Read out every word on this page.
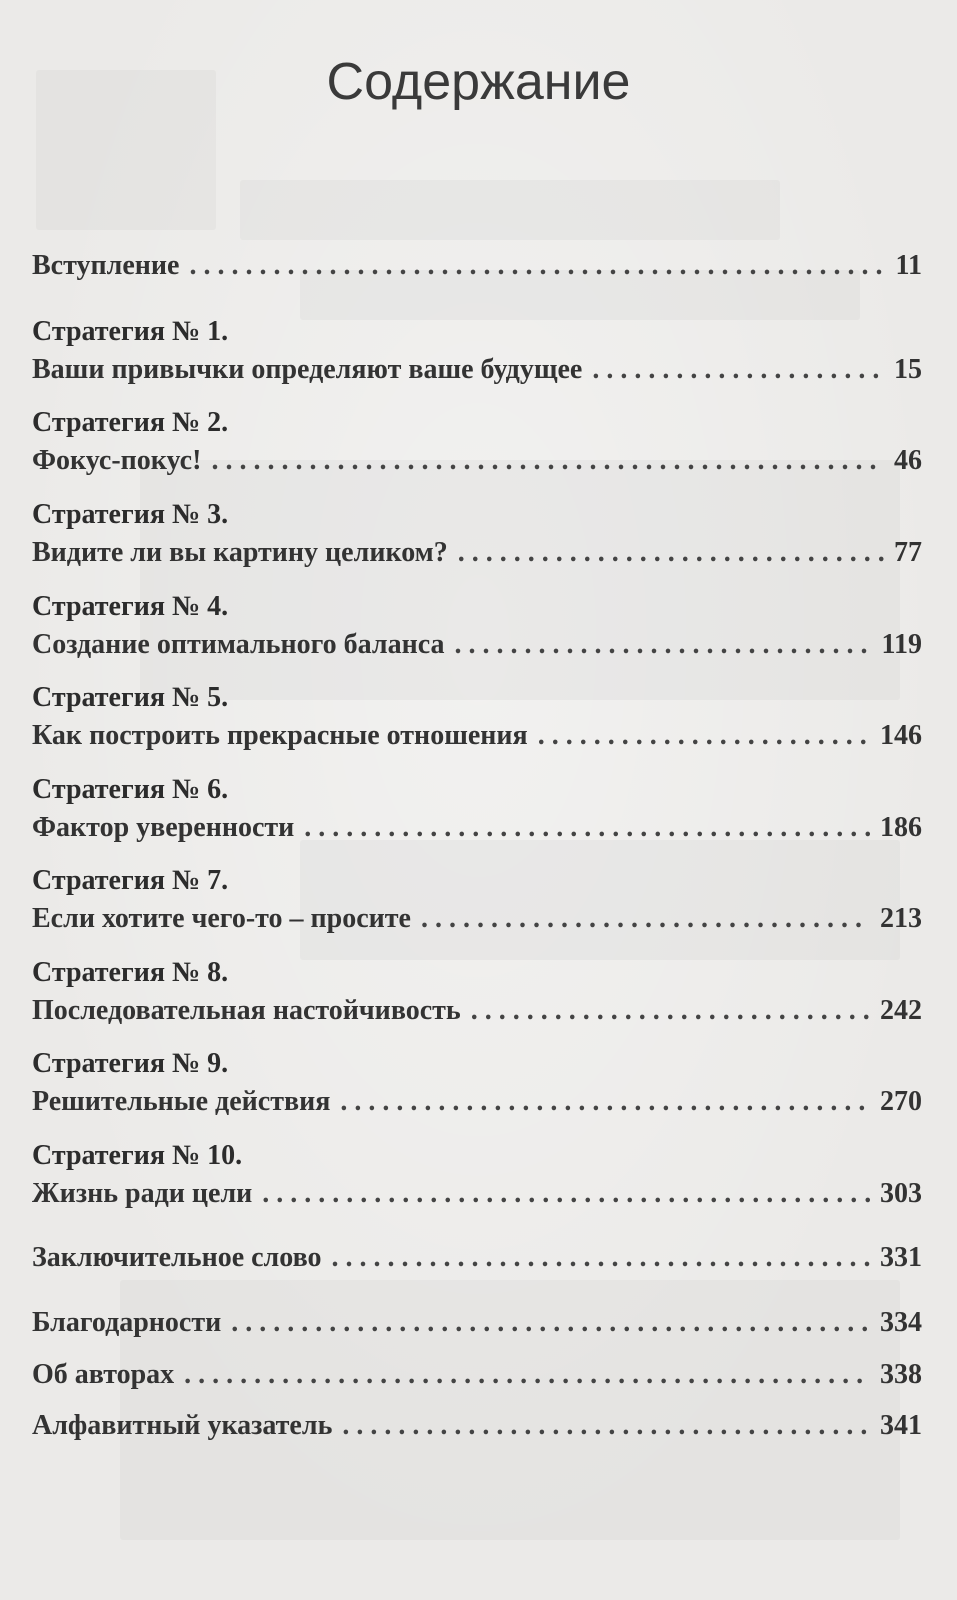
Содержание
Вступление . . .	11
Стратегия № 1.
Ваши привычки определяют ваше будущее . . .	15
Стратегия № 2.
Фокус-покус! . . .	46
Стратегия № 3.
Видите ли вы картину целиком? . . .	77
Стратегия № 4.
Создание оптимального баланса . . .	119
Стратегия № 5.
Как построить прекрасные отношения . . .	146
Стратегия № 6.
Фактор уверенности . . .	186
Стратегия № 7.
Если хотите чего-то – просите . . .	213
Стратегия № 8.
Последовательная настойчивость . . .	242
Стратегия № 9.
Решительные действия . . .	270
Стратегия № 10.
Жизнь ради цели . . .	303
Заключительное слово . . .	331
Благодарности . . .	334
Об авторах . . .	338
Алфавитный указатель . . .	341
